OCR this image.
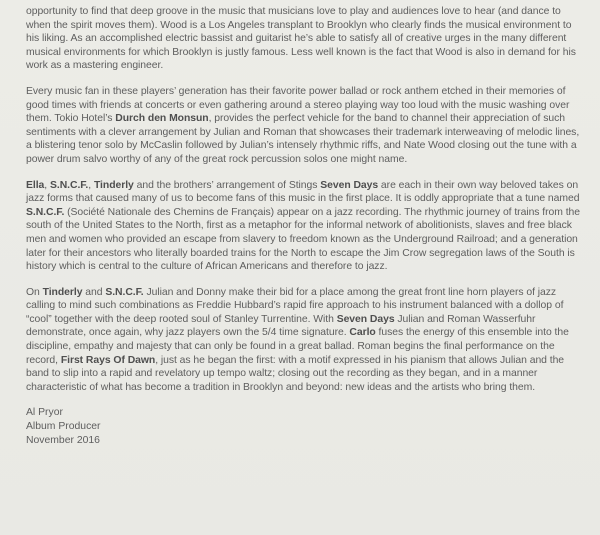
opportunity to find that deep groove in the music that musicians love to play and audiences love to hear (and dance to when the spirit moves them). Wood is a Los Angeles transplant to Brooklyn who clearly finds the musical environment to his liking. As an accomplished electric bassist and guitarist he’s able to satisfy all of creative urges in the many different musical environments for which Brooklyn is justly famous. Less well known is the fact that Wood is also in demand for his work as a mastering engineer.

Every music fan in these players’ generation has their favorite power ballad or rock anthem etched in their memories of good times with friends at concerts or even gathering around a stereo playing way too loud with the music washing over them. Tokio Hotel’s Durch den Monsun, provides the perfect vehicle for the band to channel their appreciation of such sentiments with a clever arrangement by Julian and Roman that showcases their trademark interweaving of melodic lines, a blistering tenor solo by McCaslin followed by Julian’s intensely rhythmic riffs, and Nate Wood closing out the tune with a power drum salvo worthy of any of the great rock percussion solos one might name.

Ella, S.N.C.F., Tinderly and the brothers’ arrangement of Stings Seven Days are each in their own way beloved takes on jazz forms that caused many of us to become fans of this music in the first place. It is oddly appropriate that a tune named S.N.C.F. (Société Nationale des Chemins de Français) appear on a jazz recording. The rhythmic journey of trains from the south of the United States to the North, first as a metaphor for the informal network of abolitionists, slaves and free black men and women who provided an escape from slavery to freedom known as the Underground Railroad; and a generation later for their ancestors who literally boarded trains for the North to escape the Jim Crow segregation laws of the South is history which is central to the culture of African Americans and therefore to jazz.

On Tinderly and S.N.C.F. Julian and Donny make their bid for a place among the great front line horn players of jazz calling to mind such combinations as Freddie Hubbard’s rapid fire approach to his instrument balanced with a dollop of “cool” together with the deep rooted soul of Stanley Turrentine. With Seven Days Julian and Roman Wasserfuhr demonstrate, once again, why jazz players own the 5/4 time signature. Carlo fuses the energy of this ensemble into the discipline, empathy and majesty that can only be found in a great ballad. Roman begins the final performance on the record, First Rays Of Dawn, just as he began the first: with a motif expressed in his pianism that allows Julian and the band to slip into a rapid and revelatory up tempo waltz; closing out the recording as they began, and in a manner characteristic of what has become a tradition in Brooklyn and beyond: new ideas and the artists who bring them.

Al Pryor
Album Producer
November 2016
